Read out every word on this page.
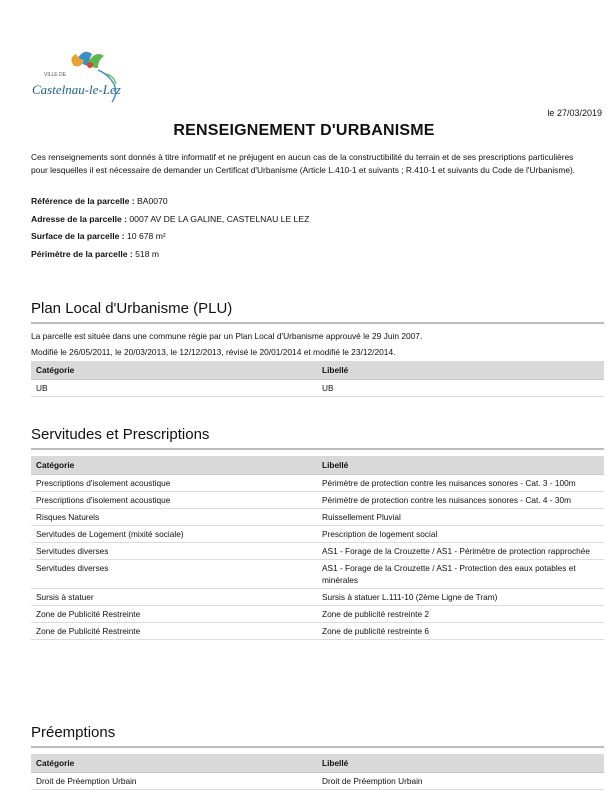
VILLE DE
Castelnau-le-Lez
le 27/03/2019
RENSEIGNEMENT D'URBANISME
Ces renseignements sont donnés à titre informatif et ne préjugent en aucun cas de la constructibilité du terrain et de ses prescriptions particulières pour lesquelles il est nécessaire de demander un Certificat d'Urbanisme (Article L.410-1 et suivants ; R.410-1 et suivants du Code de l'Urbanisme).
Référence de la parcelle : BA0070
Adresse de la parcelle : 0007 AV DE LA GALINE, CASTELNAU LE LEZ
Surface de la parcelle : 10 678 m²
Périmètre de la parcelle : 518 m
Plan Local d'Urbanisme (PLU)
La parcelle est située dans une commune régie par un Plan Local d'Urbanisme approuvé le 29 Juin 2007.
Modifié le 26/05/2011, le 20/03/2013, le 12/12/2013, révisé le 20/01/2014 et modifié le 23/12/2014.
Catégorie	Libellé
UB	UB
Servitudes et Prescriptions
Catégorie	Libellé
Prescriptions d'isolement acoustique	Périmètre de protection contre les nuisances sonores - Cat. 3 - 100m
Prescriptions d'isolement acoustique	Périmètre de protection contre les nuisances sonores - Cat. 4 - 30m
Risques Naturels	Ruissellement Pluvial
Servitudes de Logement (mixité sociale)	Prescription de logement social
Servitudes diverses	AS1 - Forage de la Crouzette / AS1 - Périmètre de protection rapprochée
Servitudes diverses	AS1 - Forage de la Crouzette / AS1 - Protection des eaux potables et minérales
Sursis à statuer	Sursis à statuer L.111-10 (2ème Ligne de Tram)
Zone de Publicité Restreinte	Zone de publicité restreinte 2
Zone de Publicité Restreinte	Zone de publicité restreinte 6
Préemptions
Catégorie	Libellé
Droit de Préemption Urbain	Droit de Préemption Urbain
